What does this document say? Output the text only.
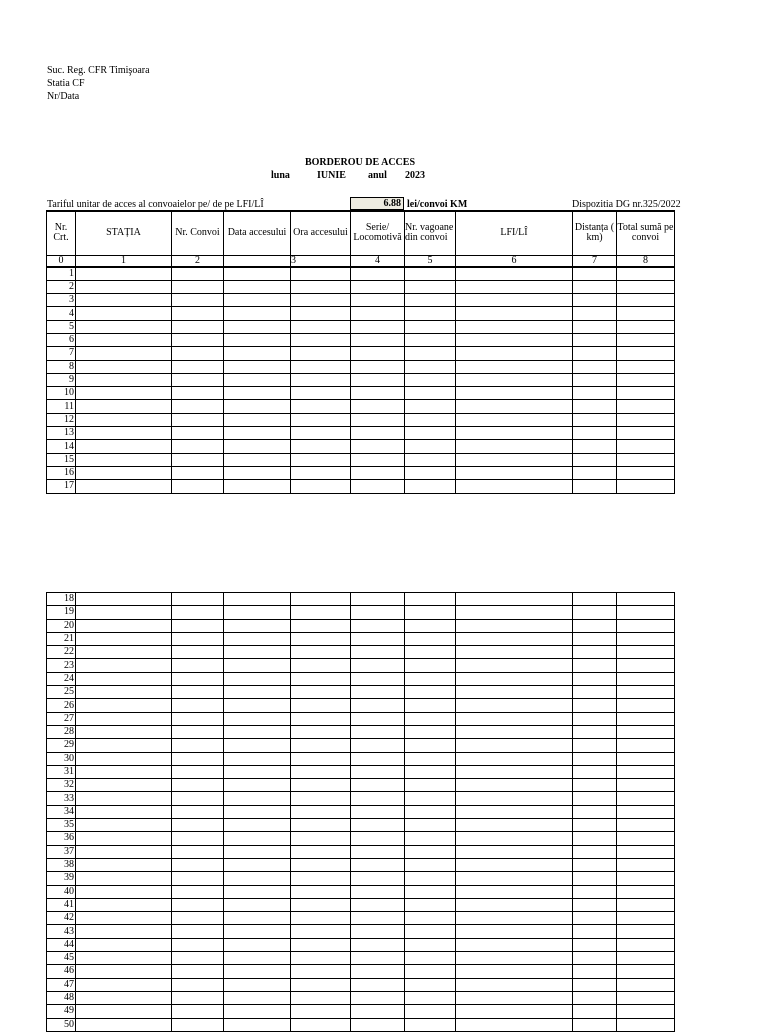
Suc. Reg. CFR Timişoara
Statia CF
Nr/Data
BORDEROU DE ACCES
luna	IUNIE anul 2023
Tariful unitar de acces al convoaielor pe/ de pe LFI/LÎ	6.88 lei/convoi KM	Dispozitia DG nr.325/2022
Nr. Crt.	STAȚIA	Nr. Convoi	Data accesului	Ora accesului	Serie/ Locomotivă	Nr. vagoane din convoi	LFI/LÎ	Distanța ( km)	Total sumă pe convoi
0	1	2		3	4	5	6	7	8
1									
2									
3									
4									
5									
6									
7									
8									
9									
10									
11									
12									
13									
14									
15									
16									
17									
18									
19									
20									
21									
22									
23									
24									
25									
26									
27									
28									
29									
30									
31									
32									
33									
34									
35									
36									
37									
38									
39									
40									
41									
42									
43									
44									
45									
46									
47									
48									
49									
50									
